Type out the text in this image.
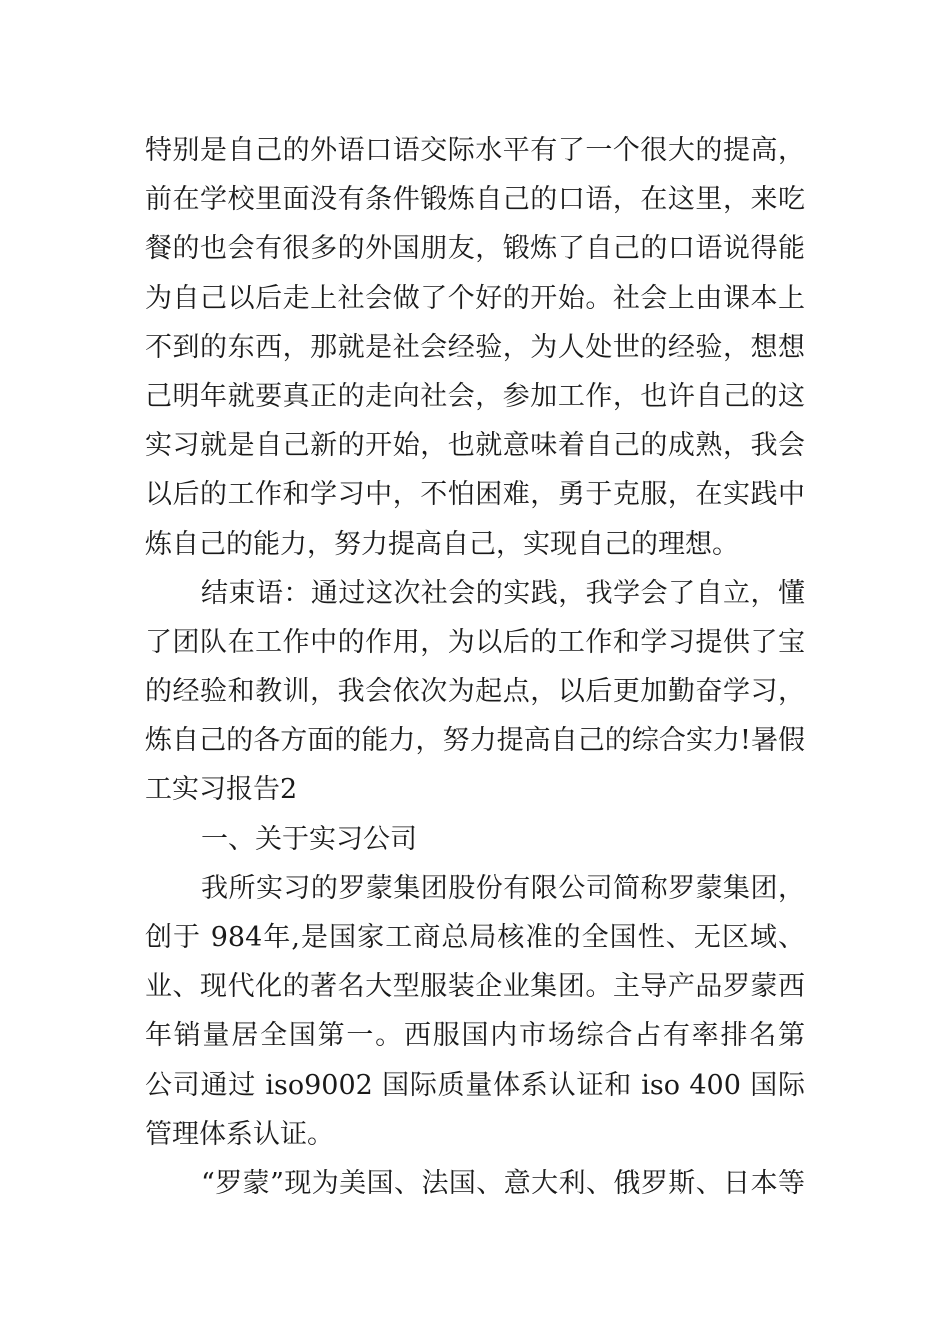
特别是自己的外语口语交际水平有了一个很大的提高，
前在学校里面没有条件锻炼自己的口语，在这里，来吃
餐的也会有很多的外国朋友，锻炼了自己的口语说得能
为自己以后走上社会做了个好的开始。社会上由课本上
不到的东西，那就是社会经验，为人处世的经验，想想
己明年就要真正的走向社会，参加工作，也许自己的这
实习就是自己新的开始，也就意味着自己的成熟，我会
以后的工作和学习中，不怕困难，勇于克服，在实践中
炼自己的能力，努力提高自己，实现自己的理想。
结束语：通过这次社会的实践，我学会了自立，懂
了团队在工作中的作用，为以后的工作和学习提供了宝
的经验和教训，我会依次为起点，以后更加勤奋学习，
炼自己的各方面的能力，努力提高自己的综合实力!暑假
工实习报告2
一、关于实习公司
我所实习的罗蒙集团股份有限公司简称罗蒙集团，
创于 984年,是国家工商总局核准的全国性、无区域、
业、现代化的著名大型服装企业集团。主导产品罗蒙西
年销量居全国第一。西服国内市场综合占有率排名第
公司通过 iso9002 国际质量体系认证和 iso 400 国际
管理体系认证。
“罗蒙”现为美国、法国、意大利、俄罗斯、日本等
